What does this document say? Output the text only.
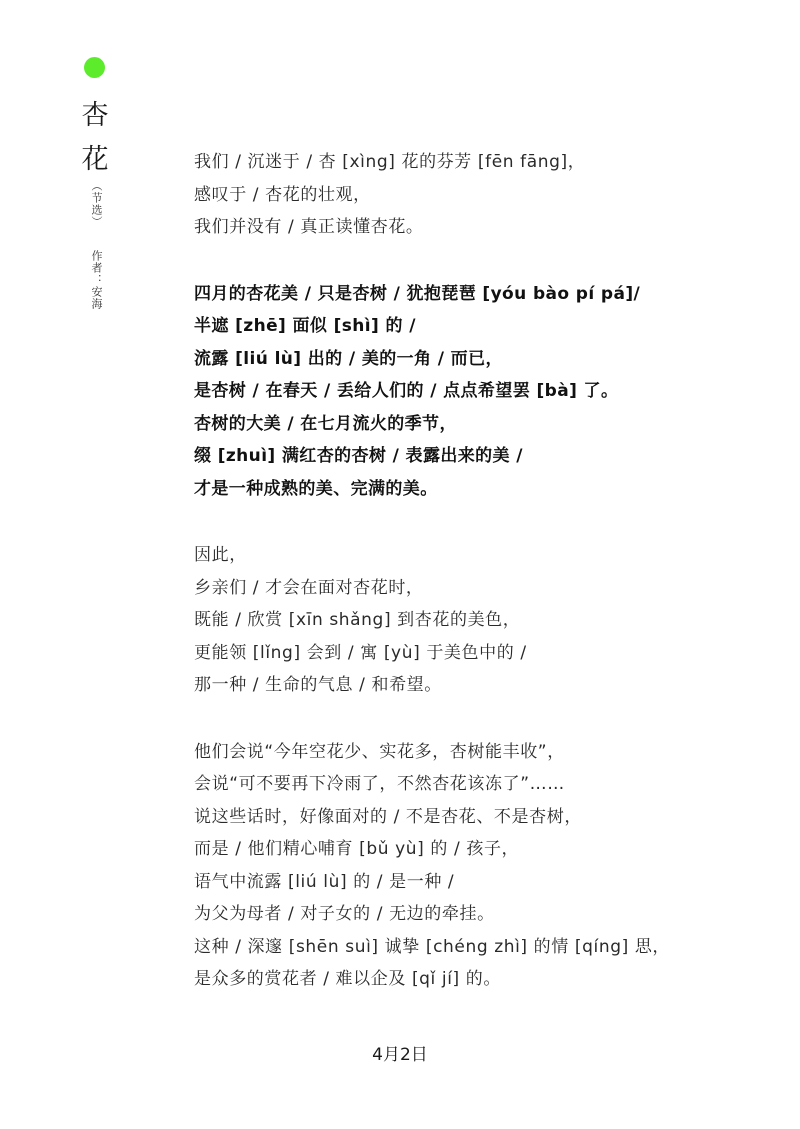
杏
花
（节选）
作者：安海
我们 / 沉迷于 / 杏 [xìng] 花的芬芳 [fēn fāng]，
感叹于 / 杏花的壮观，
我们并没有 / 真正读懂杏花。
四月的杏花美 / 只是杏树 / 犹抱琵琶 [yóu bào pí pá]/
半遮 [zhē] 面似 [shì] 的 /
流露 [liú lù] 出的 / 美的一角 / 而已，
是杏树 / 在春天 / 丢给人们的 / 点点希望罢 [bà] 了。
杏树的大美 / 在七月流火的季节，
缀 [zhuì] 满红杏的杏树 / 表露出来的美 /
才是一种成熟的美、完满的美。
因此，
乡亲们 / 才会在面对杏花时，
既能 / 欣赏 [xīn shǎng] 到杏花的美色，
更能领 [lǐng] 会到 / 寓 [yù] 于美色中的 /
那一种 / 生命的气息 / 和希望。
他们会说“今年空花少、实花多，杏树能丰收”，
会说“可不要再下冷雨了，不然杏花该冻了”……
说这些话时，好像面对的 / 不是杏花、不是杏树，
而是 / 他们精心哺育 [bǔ yù] 的 / 孩子，
语气中流露 [liú lù] 的 / 是一种 /
为父为母者 / 对子女的 / 无边的牵挂。
这种 / 深邃 [shēn suì] 诚挚 [chéng zhì] 的情 [qíng] 思，
是众多的赏花者 / 难以企及 [qǐ jí] 的。
4月2日
